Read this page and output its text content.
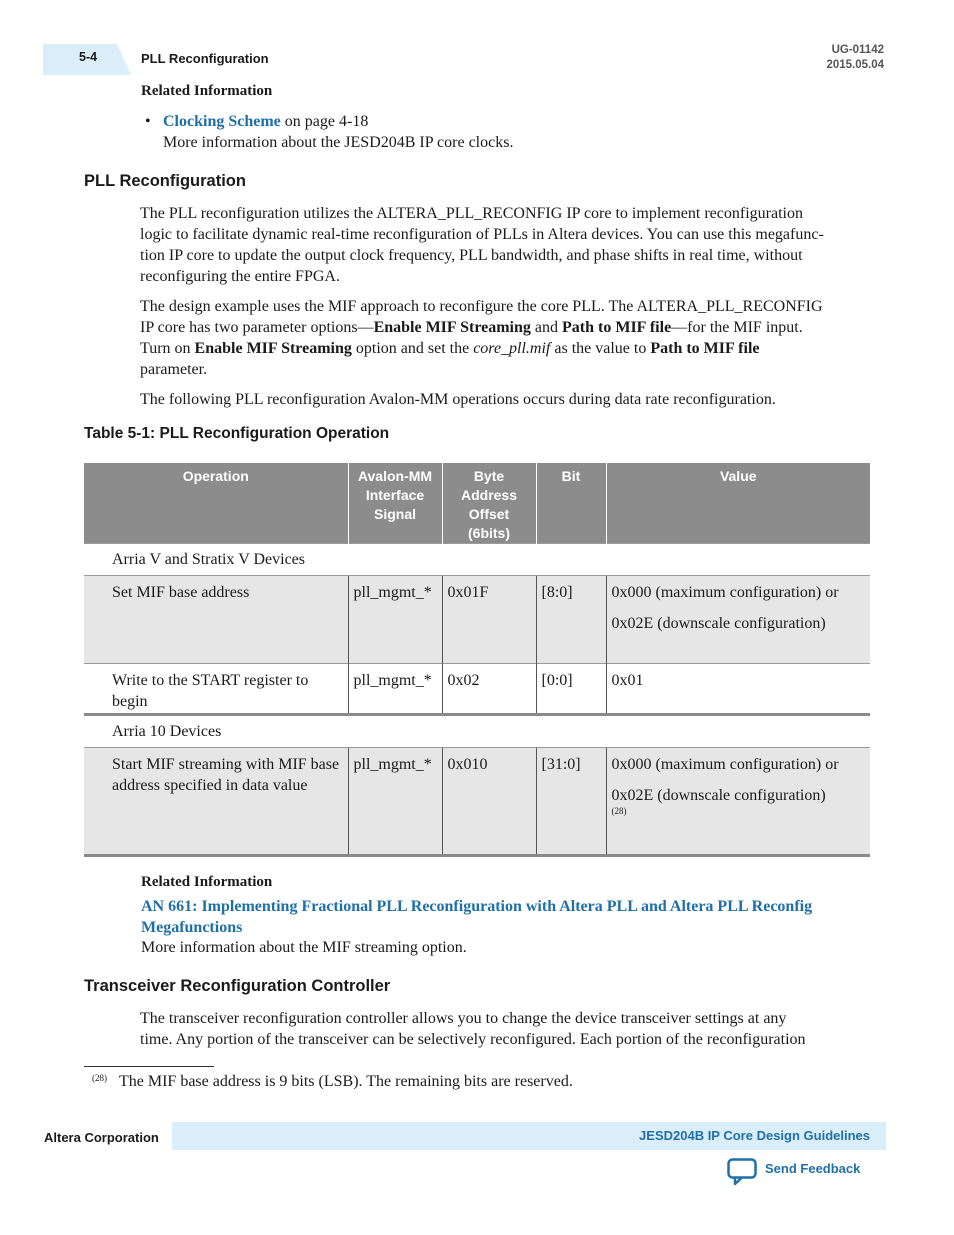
5-4	PLL Reconfiguration
UG-01142
2015.05.04
Related Information
• Clocking Scheme on page 4-18
More information about the JESD204B IP core clocks.
PLL Reconfiguration
The PLL reconfiguration utilizes the ALTERA_PLL_RECONFIG IP core to implement reconfiguration
logic to facilitate dynamic real-time reconfiguration of PLLs in Altera devices. You can use this megafunc-
tion IP core to update the output clock frequency, PLL bandwidth, and phase shifts in real time, without
reconfiguring the entire FPGA.
The design example uses the MIF approach to reconfigure the core PLL. The ALTERA_PLL_RECONFIG
IP core has two parameter options—Enable MIF Streaming and Path to MIF file—for the MIF input.
Turn on Enable MIF Streaming option and set the core_pll.mif as the value to Path to MIF file
parameter.
The following PLL reconfiguration Avalon-MM operations occurs during data rate reconfiguration.
Table 5-1: PLL Reconfiguration Operation
Operation	Avalon-MM Interface Signal	Byte Address Offset (6bits)	Bit	Value
Arria V and Stratix V Devices				
Set MIF base address	pll_mgmt_*	0x01F	[8:0]	0x000 (maximum configuration) or
0x02E (downscale configuration)

Write to the START register to begin	pll_mgmt_*	0x02	[0:0]	0x01
Arria 10 Devices				
Start MIF streaming with MIF base address specified in data value	pll_mgmt_*	0x010	[31:0]	0x000 (maximum configuration) or
0x02E (downscale configuration)
(28)
Related Information
AN 661: Implementing Fractional PLL Reconfiguration with Altera PLL and Altera PLL Reconfig
Megafunctions
More information about the MIF streaming option.
Transceiver Reconfiguration Controller
The transceiver reconfiguration controller allows you to change the device transceiver settings at any
time. Any portion of the transceiver can be selectively reconfigured. Each portion of the reconfiguration
(28) The MIF base address is 9 bits (LSB). The remaining bits are reserved.
Altera Corporation	JESD204B IP Core Design Guidelines
Send Feedback
